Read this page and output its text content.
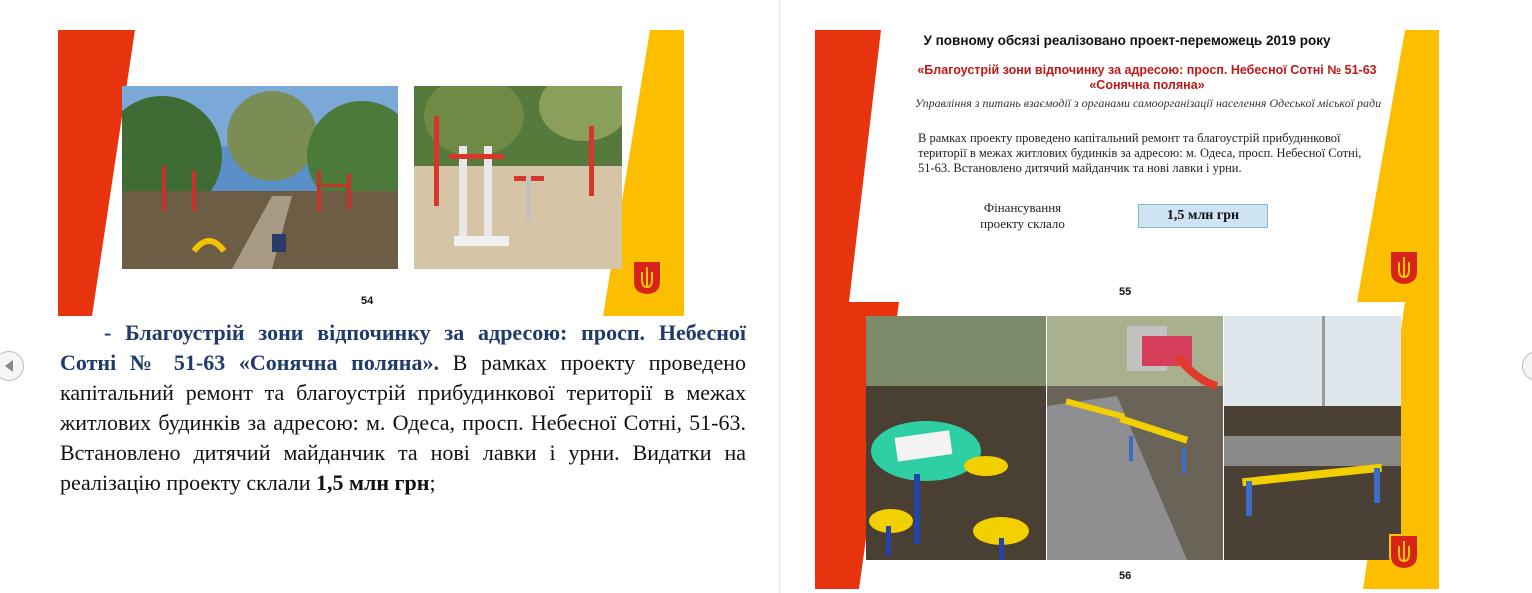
54
- Благоустрій зони відпочинку за адресою: просп. Небесної Сотні № 51-63 «Сонячна поляна». В рамках проекту проведено капітальний ремонт та благоустрій прибудинкової території в межах житлових будинків за адресою: м. Одеса, просп. Небесної Сотні, 51-63. Встановлено дитячий майданчик та нові лавки і урни. Видатки на реалізацію проекту склали 1,5 млн грн;
У повному обсязі реалізовано проект-переможець 2019 року
«Благоустрій зони відпочинку за адресою: просп. Небесної Сотні № 51-63 «Сонячна поляна»
Управління з питань взаємодії з органами самоорганізації населення Одеської міської ради
В рамках проекту проведено капітальний ремонт та благоустрій прибудинкової території в межах житлових будинків за адресою: м. Одеса, просп. Небесної Сотні, 51-63. Встановлено дитячий майданчик та нові лавки і урни.
Фінансування проекту склало
1,5 млн грн
55
56
